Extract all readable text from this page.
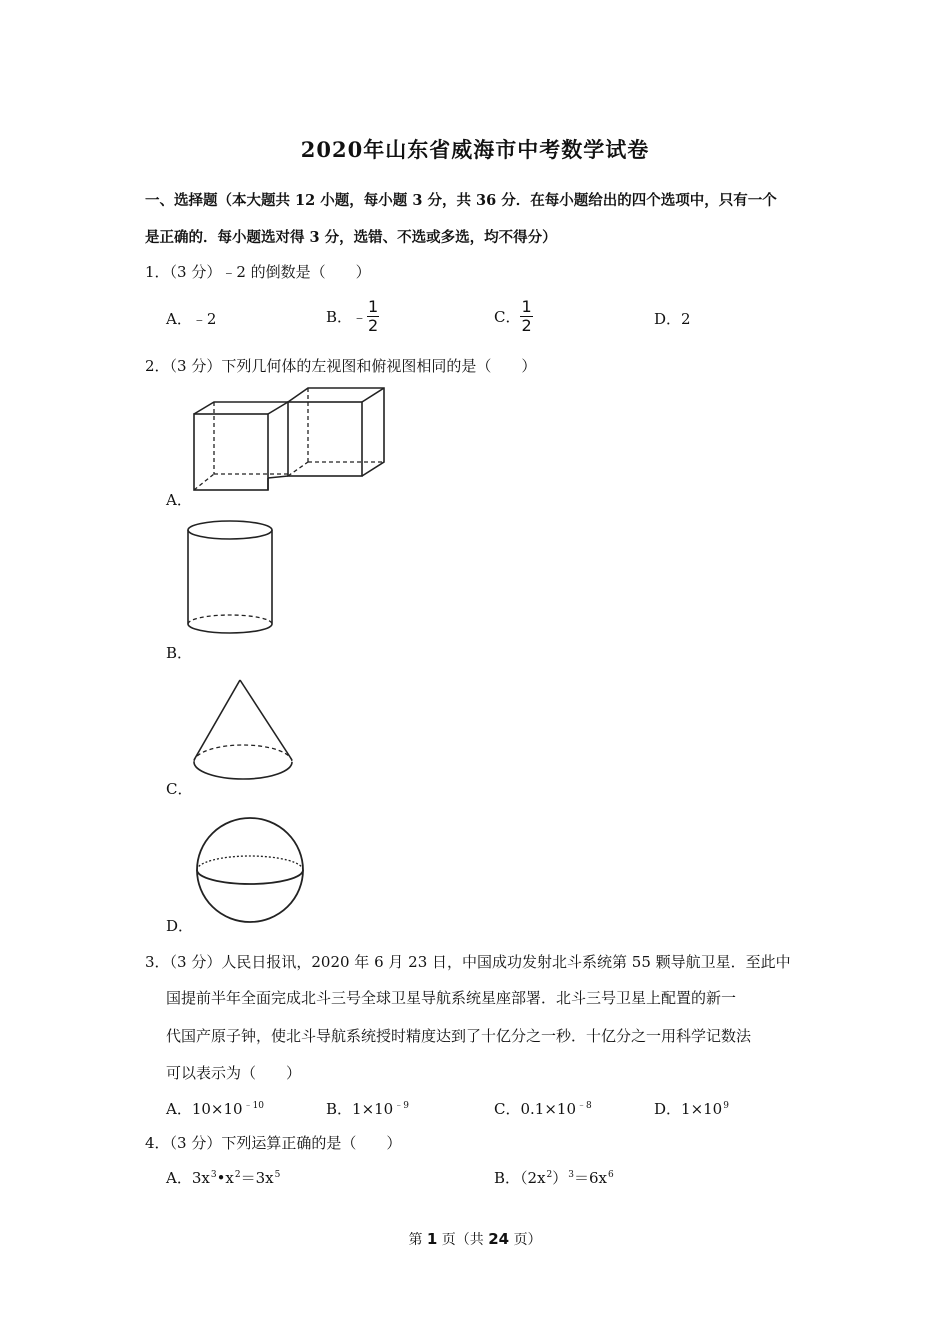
2020年山东省威海市中考数学试卷
一、选择题（本大题共 12 小题，每小题 3 分，共 36 分．在每小题给出的四个选项中，只有一个
是正确的．每小题选对得 3 分，选错、不选或多选，均不得分）
1．（3 分）﹣2 的倒数是（　　）
A．﹣2	B．﹣ $\frac{1}{2}$	C． $\frac{1}{2}$	D．2
2．（3 分）下列几何体的左视图和俯视图相同的是（　　）
A．
B．
C．
D．
3．（3 分）人民日报讯，2020 年 6 月 23 日，中国成功发射北斗系统第 55 颗导航卫星．至此中
国提前半年全面完成北斗三号全球卫星导航系统星座部署．北斗三号卫星上配置的新一
代国产原子钟，使北斗导航系统授时精度达到了十亿分之一秒．十亿分之一用科学记数法
可以表示为（　　）
A．$10\times 10^{﹣10}$	B．$1\times 10^{﹣9}$	C．$0.1\times 10^{﹣8}$	D．$1\times 10^9$
4．（3 分）下列运算正确的是（　　）
A．$3x^3•x^2=3x^5$	B．$(2x^2)^3=6x^6$
第 1 页（共 24 页）
